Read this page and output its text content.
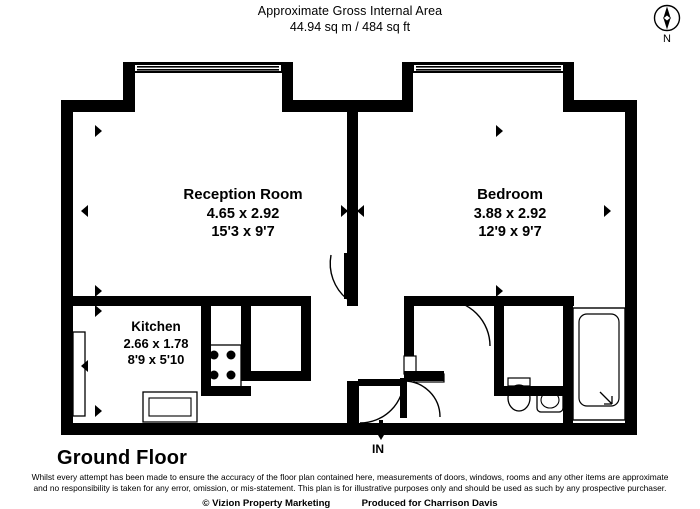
Approximate Gross Internal Area
44.94 sq m / 484 sq ft
N
Reception Room
4.65 x 2.92
15'3 x 9'7
Bedroom
3.88 x 2.92
12'9 x 9'7
Kitchen
2.66 x 1.78
8'9 x 5'10
IN
Ground Floor
Whilst every attempt has been made to ensure the accuracy of the floor plan contained here, measurements of doors, windows, rooms and any other items are approximate and no responsibility is taken for any error, omission, or mis-statement. This plan is for illustrative purposes only and should be used as such by any prospective purchaser.
© Vizion Property Marketing	Produced for Charrison Davis
